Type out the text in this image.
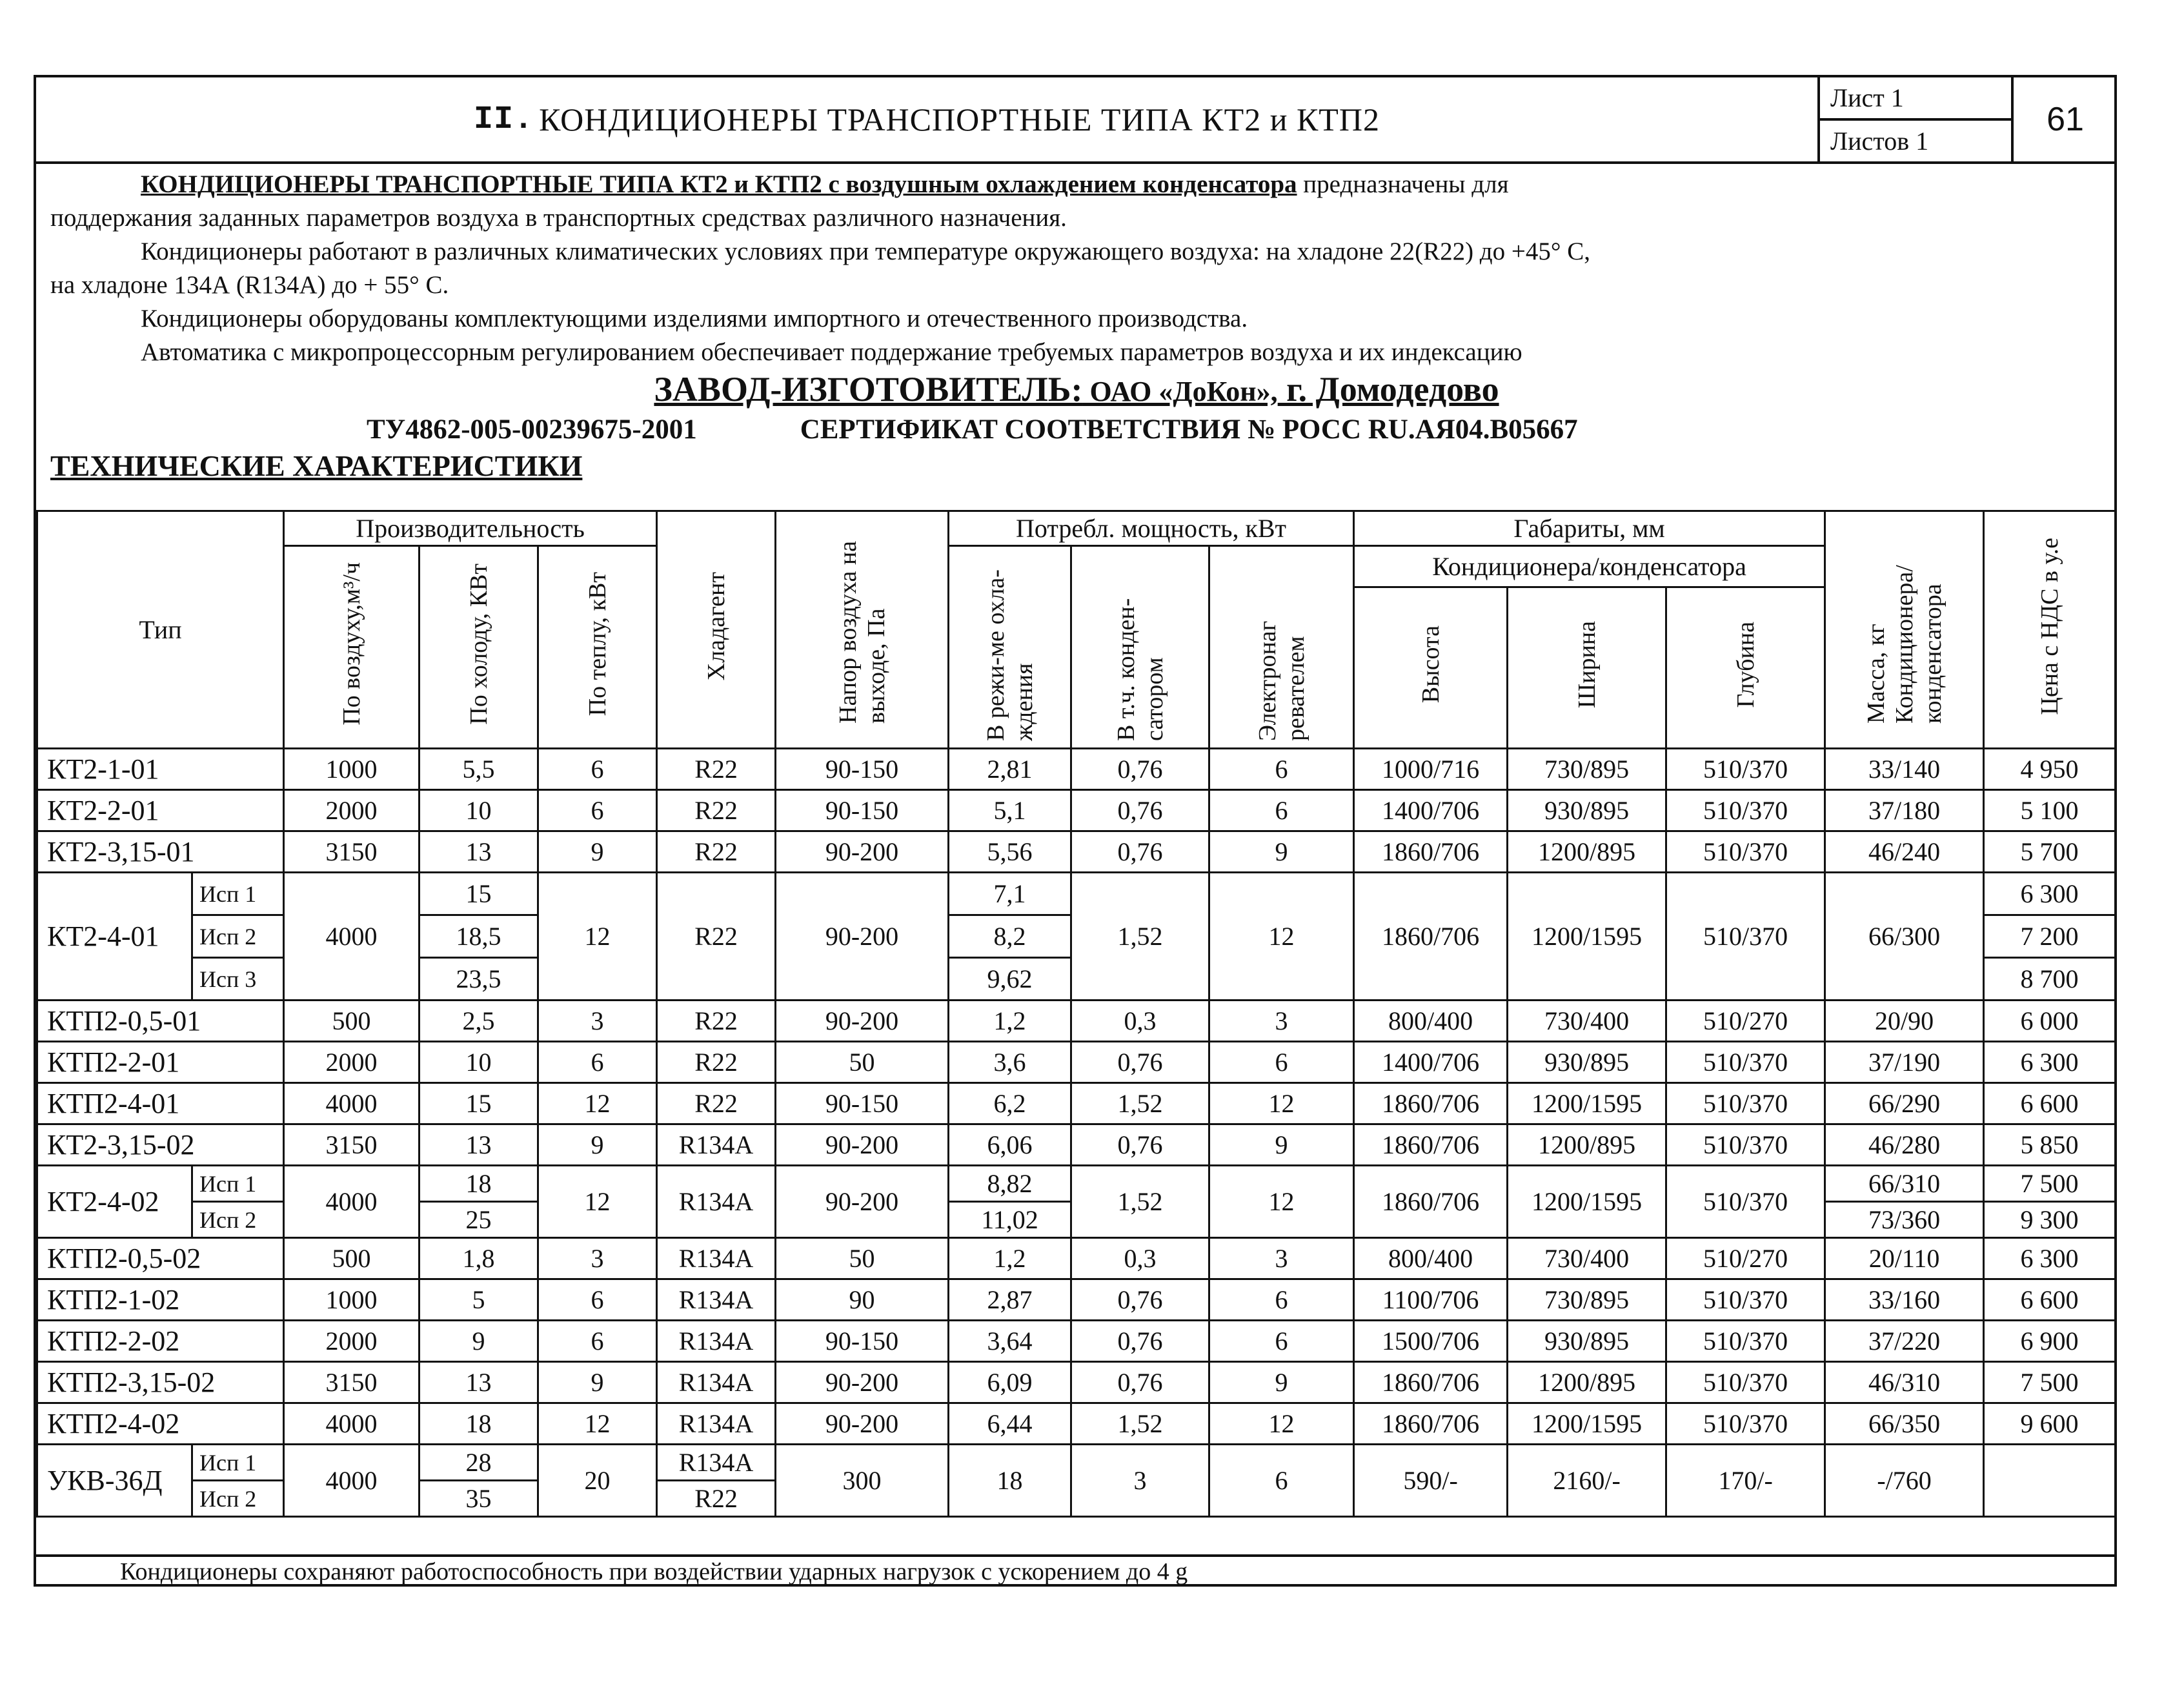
II. КОНДИЦИОНЕРЫ ТРАНСПОРТНЫЕ ТИПА КТ2 и КТП2
Лист 1
Листов 1
61

КОНДИЦИОНЕРЫ ТРАНСПОРТНЫЕ ТИПА КТ2 и КТП2 с воздушным охлаждением конденсатора предназначены для

поддержания заданных параметров воздуха в транспортных средствах различного назначения.

Кондиционеры работают в различных климатических условиях при температуре окружающего воздуха: на хладоне 22(R22) до +45° С,

на хладоне 134А (R134А) до + 55° С.

Кондиционеры оборудованы комплектующими изделиями импортного и отечественного производства.

Автоматика с микропроцессорным регулированием обеспечивает поддержание требуемых параметров воздуха и их индексацию

ЗАВОД-ИЗГОТОВИТЕЛЬ: ОАО «ДоКон», г. Домодедово

ТУ4862-005-00239675-2001	СЕРТИФИКАТ СООТВЕТСТВИЯ № РОСС RU.АЯ04.В05667

ТЕХНИЧЕСКИЕ ХАРАКТЕРИСТИКИ

Тип		Производительность			Хладагент	Напор воздуха на выходе, Па	Потребл. мощность, кВт			Габариты, мм			Масса, кг Кондиционера/ конденсатора	Цена с НДС в у.е
		По воздуху,м³/ч	По холоду, КВт	По теплу, кВт			В режи-ме охла-ждения	В т.ч. конден-сатором	Электронаг ревателем	Кондиционера/конденсатора				
										Высота	Ширина	Глубина		
КТ2-1-01		1000	5,5	6	R22	90-150	2,81	0,76	6	1000/716	730/895	510/370	33/140	4 950
КТ2-2-01		2000	10	6	R22	90-150	5,1	0,76	6	1400/706	930/895	510/370	37/180	5 100
КТ2-3,15-01		3150	13	9	R22	90-200	5,56	0,76	9	1860/706	1200/895	510/370	46/240	5 700
КТ2-4-01	Исп 1	4000	15	12	R22	90-200	7,1	1,52	12	1860/706	1200/1595	510/370	66/300	6 300
	Исп 2		18,5				8,2							7 200
	Исп 3		23,5				9,62							8 700
КТП2-0,5-01		500	2,5	3	R22	90-200	1,2	0,3	3	800/400	730/400	510/270	20/90	6 000
КТП2-2-01		2000	10	6	R22	50	3,6	0,76	6	1400/706	930/895	510/370	37/190	6 300
КТП2-4-01		4000	15	12	R22	90-150	6,2	1,52	12	1860/706	1200/1595	510/370	66/290	6 600
КТ2-3,15-02		3150	13	9	R134A	90-200	6,06	0,76	9	1860/706	1200/895	510/370	46/280	5 850
КТ2-4-02	Исп 1	4000	18	12	R134A	90-200	8,82	1,52	12	1860/706	1200/1595	510/370	66/310	7 500
	Исп 2		25				11,02						73/360	9 300
КТП2-0,5-02		500	1,8	3	R134A	50	1,2	0,3	3	800/400	730/400	510/270	20/110	6 300
КТП2-1-02		1000	5	6	R134A	90	2,87	0,76	6	1100/706	730/895	510/370	33/160	6 600
КТП2-2-02		2000	9	6	R134A	90-150	3,64	0,76	6	1500/706	930/895	510/370	37/220	6 900
КТП2-3,15-02		3150	13	9	R134A	90-200	6,09	0,76	9	1860/706	1200/895	510/370	46/310	7 500
КТП2-4-02		4000	18	12	R134A	90-200	6,44	1,52	12	1860/706	1200/1595	510/370	66/350	9 600
УКВ-36Д	Исп 1	4000	28	20	R134A	300	18	3	6	590/-	2160/-	170/-	-/760	
	Исп 2		35		R22									
Кондиционеры сохраняют работоспособность при воздействии ударных нагрузок с ускорением до 4 g
